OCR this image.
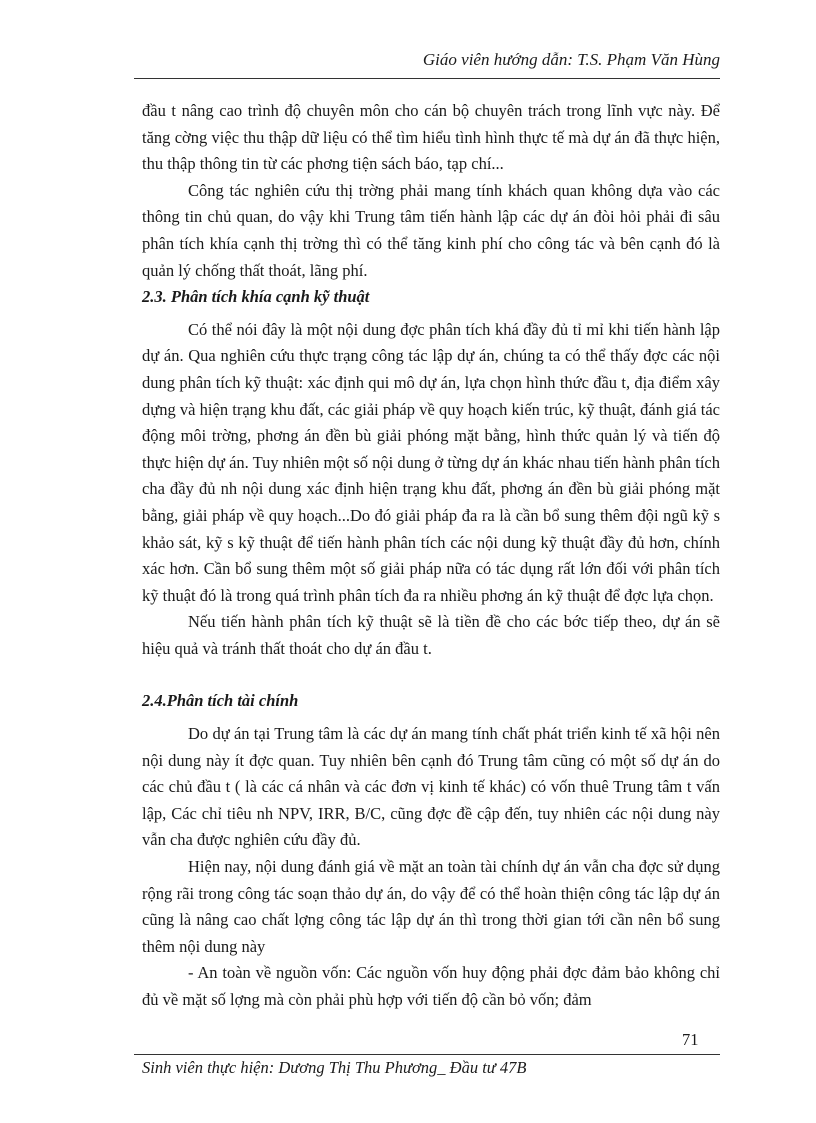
Giáo viên hướng dẫn: T.S. Phạm Văn Hùng

đầu t nâng cao trình độ chuyên môn cho cán bộ chuyên trách trong lĩnh vực này. Để tăng cờng việc thu thập dữ liệu có thể tìm hiểu tình hình thực tế mà dự án đã thực hiện, thu thập thông tin từ các phơng tiện sách báo, tạp chí...

Công tác nghiên cứu thị trờng phải mang tính khách quan không dựa vào các thông tin chủ quan, do vậy khi Trung tâm tiến hành lập các dự án đòi hỏi phải đi sâu phân tích khía cạnh thị trờng thì có thể tăng kinh phí cho công tác và bên cạnh đó là quản lý chống thất thoát, lãng phí.

2.3. Phân tích khía cạnh kỹ thuật

Có thể nói đây là một nội dung đợc phân tích khá đầy đủ tỉ mỉ khi tiến hành lập dự án. Qua nghiên cứu thực trạng công tác lập dự án, chúng ta có thể thấy đợc các nội dung phân tích kỹ thuật: xác định qui mô dự án, lựa chọn hình thức đầu t, địa điểm xây dựng và hiện trạng khu đất, các giải pháp về quy hoạch kiến trúc, kỹ thuật, đánh giá tác động môi trờng, phơng án đền bù giải phóng mặt bằng, hình thức quản lý và tiến độ thực hiện dự án. Tuy nhiên một số nội dung ở từng dự án khác nhau tiến hành phân tích cha đầy đủ nh nội dung xác định hiện trạng khu đất, phơng án đền bù giải phóng mặt bằng, giải pháp về quy hoạch...Do đó giải pháp đa ra là cần bổ sung thêm đội ngũ kỹ s khảo sát, kỹ s kỹ thuật để tiến hành phân tích các nội dung kỹ thuật đầy đủ hơn, chính xác hơn. Cần bổ sung thêm một số giải pháp nữa có tác dụng rất lớn đối với phân tích kỹ thuật đó là trong quá trình phân tích đa ra nhiều phơng án kỹ thuật để đợc lựa chọn.

Nếu tiến hành phân tích kỹ thuật sẽ là tiền đề cho các bớc tiếp theo, dự án sẽ hiệu quả và tránh thất thoát cho dự án đầu t.

2.4.Phân tích tài chính

Do dự án tại Trung tâm là các dự án mang tính chất phát triển kinh tế xã hội nên nội dung này ít đợc quan. Tuy nhiên bên cạnh đó Trung tâm cũng có một số dự án do các chủ đầu t ( là các cá nhân và các đơn vị kinh tế khác) có vốn thuê Trung tâm t vấn lập, Các chỉ tiêu nh NPV, IRR, B/C, cũng đợc đề cập đến, tuy nhiên các nội dung này vẫn cha được nghiên cứu đầy đủ.

Hiện nay, nội dung đánh giá về mặt an toàn tài chính dự án vẫn cha đợc sử dụng rộng rãi trong công tác soạn thảo dự án, do vậy để có thể hoàn thiện công tác lập dự án cũng là nâng cao chất lợng công tác lập dự án thì trong thời gian tới cần nên bổ sung thêm nội dung này

- An toàn về nguồn vốn: Các nguồn vốn huy động phải đợc đảm bảo không chỉ đủ về mặt số lợng mà còn phải phù hợp với tiến độ cần bỏ vốn; đảm

71
Sinh viên thực hiện: Dương Thị Thu Phương_ Đầu tư 47B
